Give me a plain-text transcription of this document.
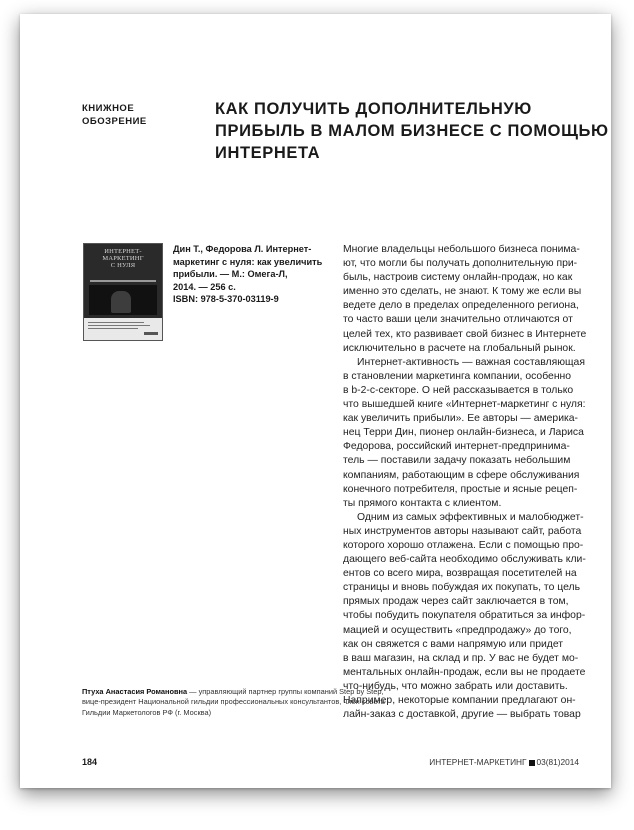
КНИЖНОЕ
ОБОЗРЕНИЕ
КАК ПОЛУЧИТЬ ДОПОЛНИТЕЛЬНУЮ
ПРИБЫЛЬ В МАЛОМ БИЗНЕСЕ С ПОМОЩЬЮ
ИНТЕРНЕТА
ИНТЕРНЕТ-
МАРКЕТИНГ
С НУЛЯ
Дин Т., Федорова Л. Интернет-
маркетинг с нуля: как увеличить
прибыли. — М.: Омега-Л,
2014. — 256 с.
ISBN: 978-5-370-03119-9
Многие владельцы небольшого бизнеса понима-
ют, что могли бы получать дополнительную при-
быль, настроив систему онлайн-продаж, но как
именно это сделать, не знают. К тому же если вы
ведете дело в пределах определенного региона,
то часто ваши цели значительно отличаются от
целей тех, кто развивает свой бизнес в Интернете
исключительно в расчете на глобальный рынок.
Интернет-активность — важная составляющая
в становлении маркетинга компании, особенно
в b-2-c-секторе. О ней рассказывается в только
что вышедшей книге «Интернет-маркетинг с нуля:
как увеличить прибыли». Ее авторы — америка-
нец Терри Дин, пионер онлайн-бизнеса, и Лариса
Федорова, российский интернет-предпринима-
тель — поставили задачу показать небольшим
компаниям, работающим в сфере обслуживания
конечного потребителя, простые и ясные рецеп-
ты прямого контакта с клиентом.
Одним из самых эффективных и малобюджет-
ных инструментов авторы называют сайт, работа
которого хорошо отлажена. Если с помощью про-
дающего веб-сайта необходимо обслуживать кли-
ентов со всего мира, возвращая посетителей на
страницы и вновь побуждая их покупать, то цель
прямых продаж через сайт заключается в том,
чтобы побудить покупателя обратиться за инфор-
мацией и осуществить «предпродажу» до того,
как он свяжется с вами напрямую или придет
в ваш магазин, на склад и пр. У вас не будет мо-
ментальных онлайн-продаж, если вы не продаете
что-нибудь, что можно забрать или доставить.
Например, некоторые компании предлагают он-
лайн-заказ с доставкой, другие — выбрать товар
Птуха Анастасия Романовна — управляющий партнер группы компаний Step by Step,
вице-президент Национальной гильдии профессиональных консультантов, член совета
Гильдии Маркетологов РФ (г. Москва)
184	ИНТЕРНЕТ-МАРКЕТИНГ 03(81)2014
